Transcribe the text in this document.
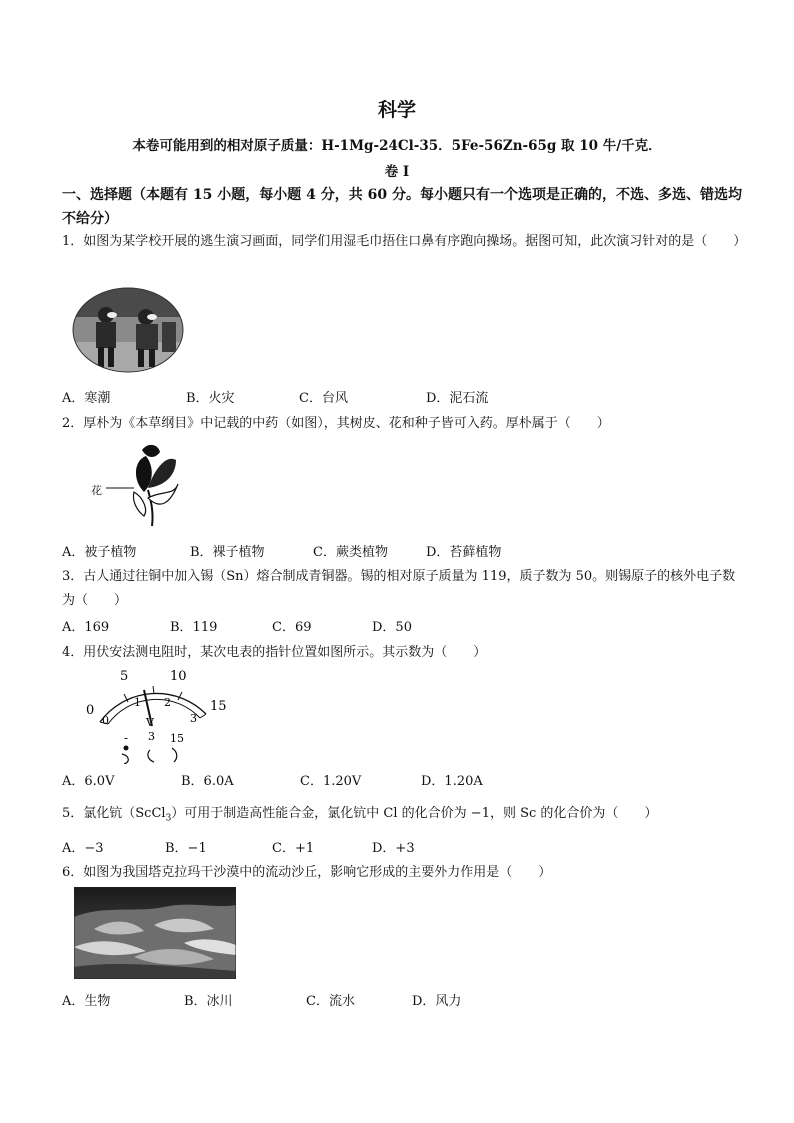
科学
本卷可能用到的相对原子质量：H-1Mg-24Cl-35．5Fe-56Zn-65g 取 10 牛/千克．
卷 I
一、选择题（本题有 15 小题，每小题 4 分，共 60 分。每小题只有一个选项是正确的，不选、多选、错选均不给分）
1．如图为某学校开展的逃生演习画面，同学们用湿毛巾捂住口鼻有序跑向操场。据图可知，此次演习针对的是（　　）
A．寒潮	B．火灾	C．台风	D．泥石流
2．厚朴为《本草纲目》中记载的中药（如图），其树皮、花和种子皆可入药。厚朴属于（　　）
花
A．被子植物	B．裸子植物	C．蕨类植物	D．苔藓植物
3．古人通过往铜中加入锡（Sn）熔合制成青铜器。锡的相对原子质量为 119，质子数为 50。则锡原子的核外电子数为（　　）
A．169	B．119	C．69	D．50
4．用伏安法测电阻时，某次电表的指针位置如图所示。其示数为（　　）
0
5	10
15
0
1 2
3
V
- 3 15
A．6.0V	B．6.0A	C．1.20V	D．1.20A
5．氯化钪（ScCl$_3$）可用于制造高性能合金，氯化钪中 Cl 的化合价为 −1，则 Sc 的化合价为（　　）
A．−3	B．−1	C．+1	D．+3
6．如图为我国塔克拉玛干沙漠中的流动沙丘，影响它形成的主要外力作用是（　　）
A．生物	B．冰川	C．流水	D．风力
